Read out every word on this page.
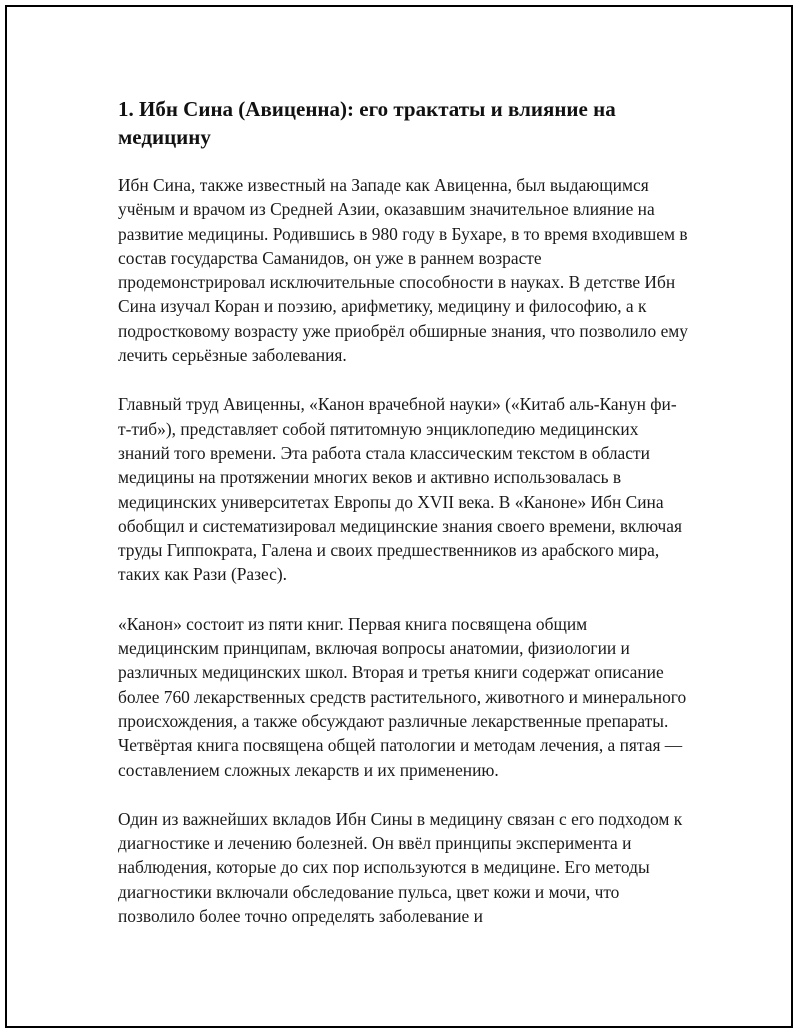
1. Ибн Сина (Авиценна): его трактаты и влияние на медицину

Ибн Сина, также известный на Западе как Авиценна, был выдающимся учёным и врачом из Средней Азии, оказавшим значительное влияние на развитие медицины. Родившись в 980 году в Бухаре, в то время входившем в состав государства Саманидов, он уже в раннем возрасте продемонстрировал исключительные способности в науках. В детстве Ибн Сина изучал Коран и поэзию, арифметику, медицину и философию, а к подростковому возрасту уже приобрёл обширные знания, что позволило ему лечить серьёзные заболевания.

Главный труд Авиценны, «Канон врачебной науки» («Китаб аль-Канун фи-т-тиб»), представляет собой пятитомную энциклопедию медицинских знаний того времени. Эта работа стала классическим текстом в области медицины на протяжении многих веков и активно использовалась в медицинских университетах Европы до XVII века. В «Каноне» Ибн Сина обобщил и систематизировал медицинские знания своего времени, включая труды Гиппократа, Галена и своих предшественников из арабского мира, таких как Рази (Разес).

«Канон» состоит из пяти книг. Первая книга посвящена общим медицинским принципам, включая вопросы анатомии, физиологии и различных медицинских школ. Вторая и третья книги содержат описание более 760 лекарственных средств растительного, животного и минерального происхождения, а также обсуждают различные лекарственные препараты. Четвёртая книга посвящена общей патологии и методам лечения, а пятая — составлением сложных лекарств и их применению.

Один из важнейших вкладов Ибн Сины в медицину связан с его подходом к диагностике и лечению болезней. Он ввёл принципы эксперимента и наблюдения, которые до сих пор используются в медицине. Его методы диагностики включали обследование пульса, цвет кожи и мочи, что позволило более точно определять заболевание и
